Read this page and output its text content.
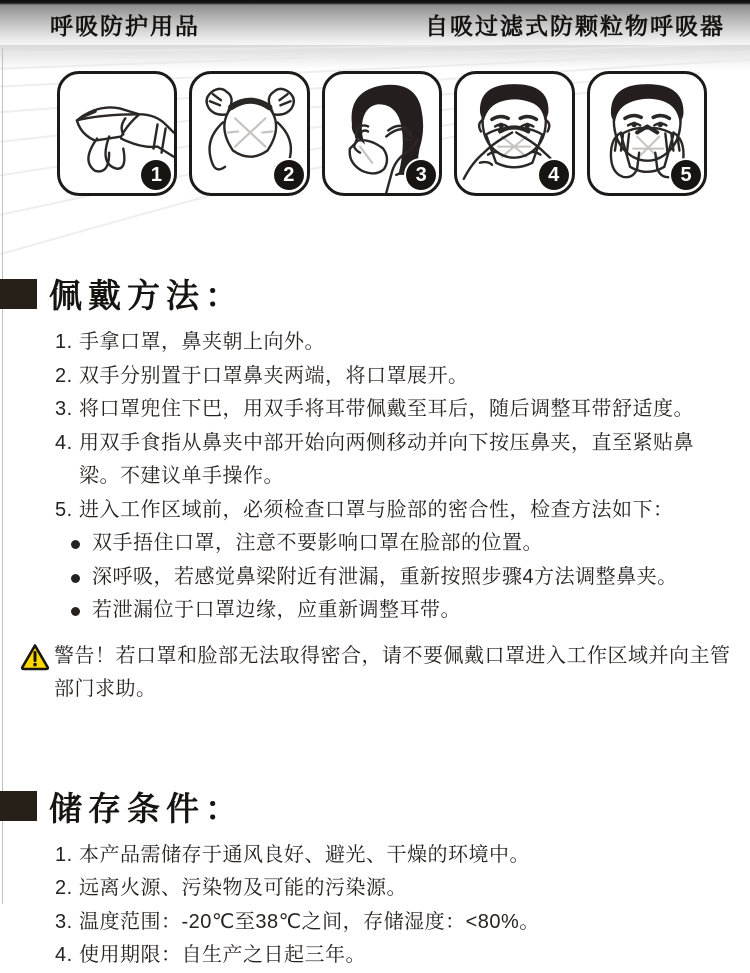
呼吸防护用品	自吸过滤式防颗粒物呼吸器
1	2	3	4	5
佩戴方法：
1. 手拿口罩，鼻夹朝上向外。
2. 双手分别置于口罩鼻夹两端，将口罩展开。
3. 将口罩兜住下巴，用双手将耳带佩戴至耳后，随后调整耳带舒适度。
4. 用双手食指从鼻夹中部开始向两侧移动并向下按压鼻夹，直至紧贴鼻梁。不建议单手操作。
5. 进入工作区域前，必须检查口罩与脸部的密合性，检查方法如下：
双手捂住口罩，注意不要影响口罩在脸部的位置。
深呼吸，若感觉鼻梁附近有泄漏，重新按照步骤4方法调整鼻夹。
若泄漏位于口罩边缘，应重新调整耳带。
警告！若口罩和脸部无法取得密合，请不要佩戴口罩进入工作区域并向主管部门求助。
储存条件：
1. 本产品需储存于通风良好、避光、干燥的环境中。
2. 远离火源、污染物及可能的污染源。
3. 温度范围：-20℃至38℃之间，存储湿度：<80%。
4. 使用期限：自生产之日起三年。
